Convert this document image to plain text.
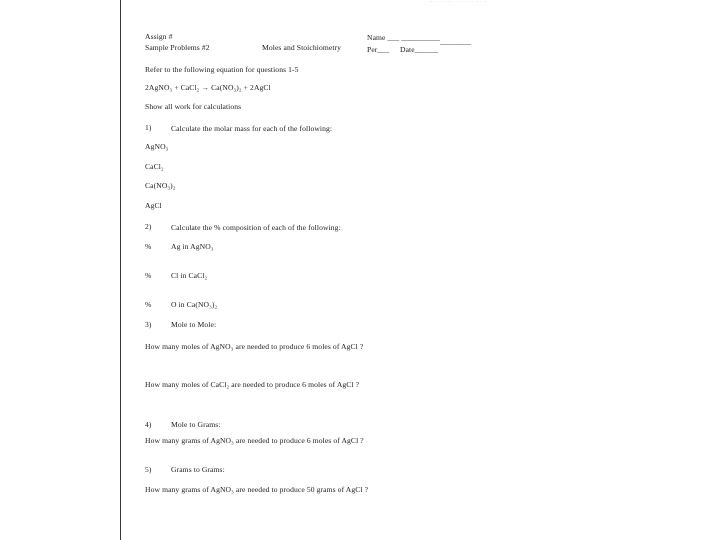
- ······· ······· ·· ·
Assign #
Sample Problems #2	Moles and Stoichiometry
Name ___ __________ ________
Per___ Date______
Refer to the following equation for questions 1-5
2AgNO₃ + CaCl₂ → Ca(NO₃)₂ + 2AgCl
Show all work for calculations
1)	Calculate the molar mass for each of the following:
AgNO₃
CaCl₂
Ca(NO₃)₂
AgCl
2)	Calculate the % composition of each of the following:
%	Ag in AgNO₃
%	Cl in CaCl₂
%	O in Ca(NO₃)₂
3)	Mole to Mole:
How many moles of AgNO₃ are needed to produce 6 moles of AgCl ?
How many moles of CaCl₂ are needed to produce 6 moles of AgCl ?
4)	Mole to Grams:
How many grams of AgNO₃ are needed to produce 6 moles of AgCl ?
5)	Grams to Grams:
How many grams of AgNO₃ are needed to produce 50 grams of AgCl ?
